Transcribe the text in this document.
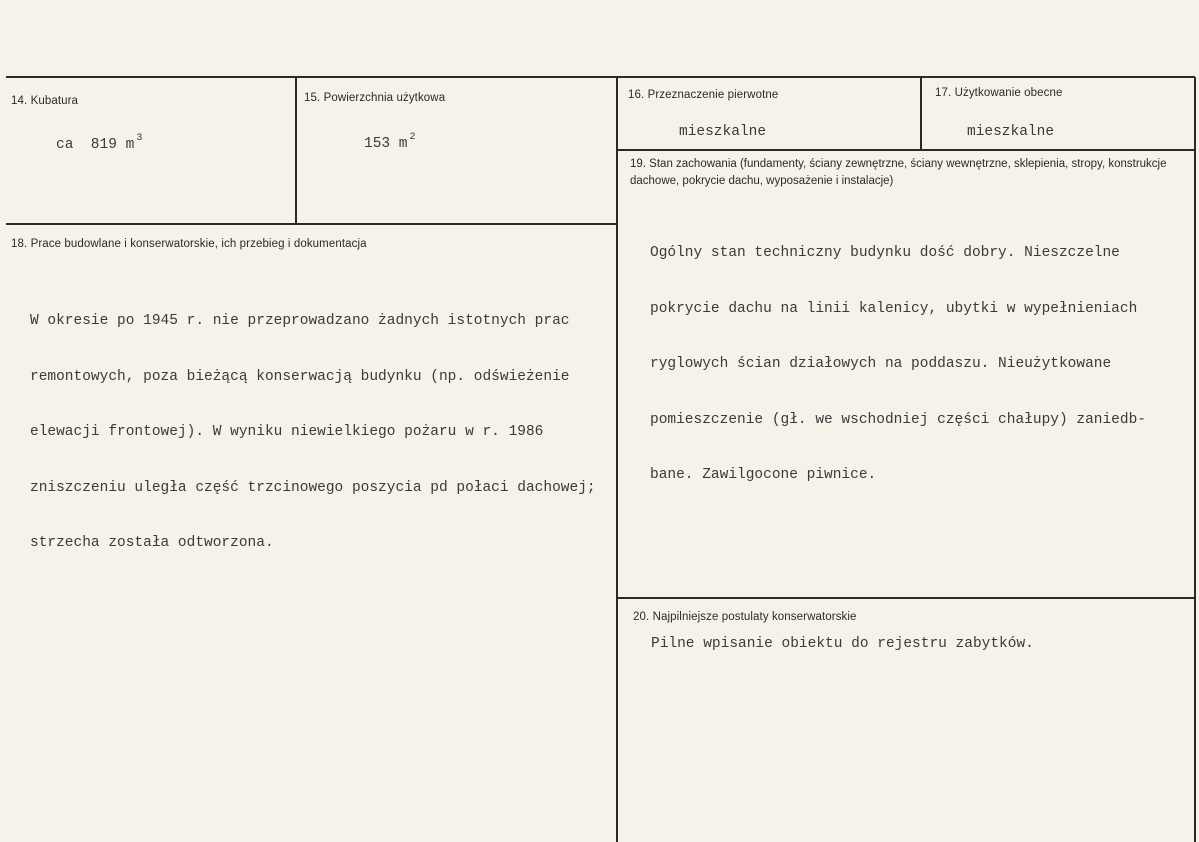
14. Kubatura
ca  819 m $^3$
15. Powierzchnia użytkowa
153 m $^2$
16. Przeznaczenie pierwotne
mieszkalne
17. Użytkowanie obecne
mieszkalne
18. Prace budowlane i konserwatorskie, ich przebieg i dokumentacja

W okresie po 1945 r. nie przeprowadzano żadnych istotnych prac

remontowych, poza bieżącą konserwacją budynku (np. odświeżenie

elewacji frontowej). W wyniku niewielkiego pożaru w r. 1986

zniszczeniu uległa część trzcinowego poszycia pd połaci dachowej;

strzecha została odtworzona.

19. Stan zachowania (fundamenty, ściany zewnętrzne, ściany wewnętrzne, sklepienia, stropy, konstrukcje dachowe, pokrycie dachu, wyposażenie i instalacje)

Ogólny stan techniczny budynku dość dobry. Nieszczelne

pokrycie dachu na linii kalenicy, ubytki w wypełnieniach

ryglowych ścian działowych na poddaszu. Nieużytkowane

pomieszczenie (gł. we wschodniej części chałupy) zaniedb-

bane. Zawilgocone piwnice.

20. Najpilniejsze postulaty konserwatorskie
Pilne wpisanie obiektu do rejestru zabytków.
